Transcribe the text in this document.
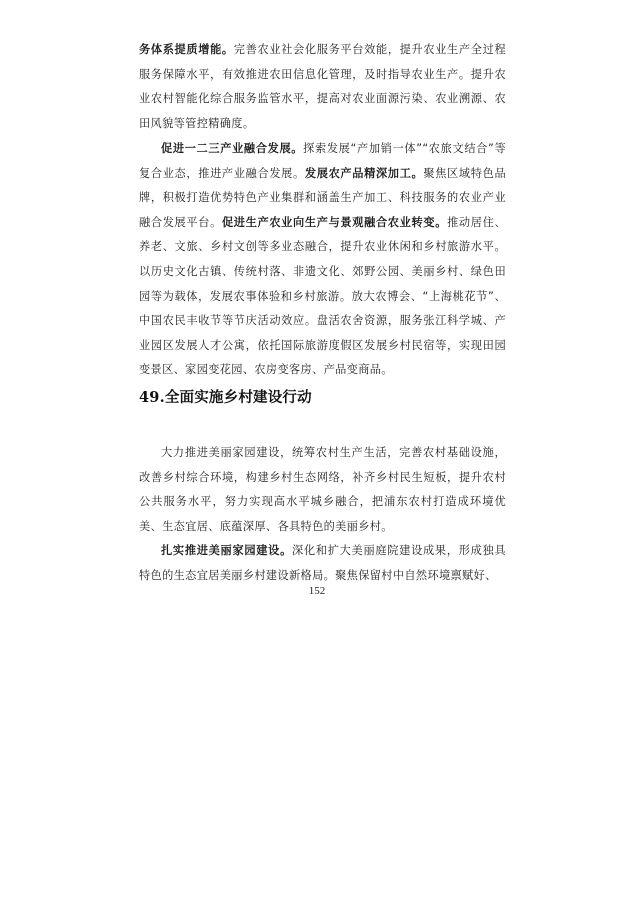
务体系提质增能。完善农业社会化服务平台效能，提升农业生产全过程服务保障水平，有效推进农田信息化管理，及时指导农业生产。提升农业农村智能化综合服务监管水平，提高对农业面源污染、农业溯源、农田风貌等管控精确度。

促进一二三产业融合发展。探索发展“产加销一体”“农旅文结合”等复合业态，推进产业融合发展。发展农产品精深加工。聚焦区域特色品牌，积极打造优势特色产业集群和涵盖生产加工、科技服务的农业产业融合发展平台。促进生产农业向生产与景观融合农业转变。推动居住、养老、文旅、乡村文创等多业态融合，提升农业休闲和乡村旅游水平。以历史文化古镇、传统村落、非遗文化、郊野公园、美丽乡村、绿色田园等为载体，发展农事体验和乡村旅游。放大农博会、“上海桃花节”、中国农民丰收节等节庆活动效应。盘活农舍资源，服务张江科学城、产业园区发展人才公寓，依托国际旅游度假区发展乡村民宿等，实现田园变景区、家园变花园、农房变客房、产品变商品。

49.全面实施乡村建设行动

大力推进美丽家园建设，统筹农村生产生活，完善农村基础设施，改善乡村综合环境，构建乡村生态网络，补齐乡村民生短板，提升农村公共服务水平，努力实现高水平城乡融合，把浦东农村打造成环境优美、生态宜居、底蕴深厚、各具特色的美丽乡村。

扎实推进美丽家园建设。深化和扩大美丽庭院建设成果，形成独具特色的生态宜居美丽乡村建设新格局。聚焦保留村中自然环境禀赋好、

152
